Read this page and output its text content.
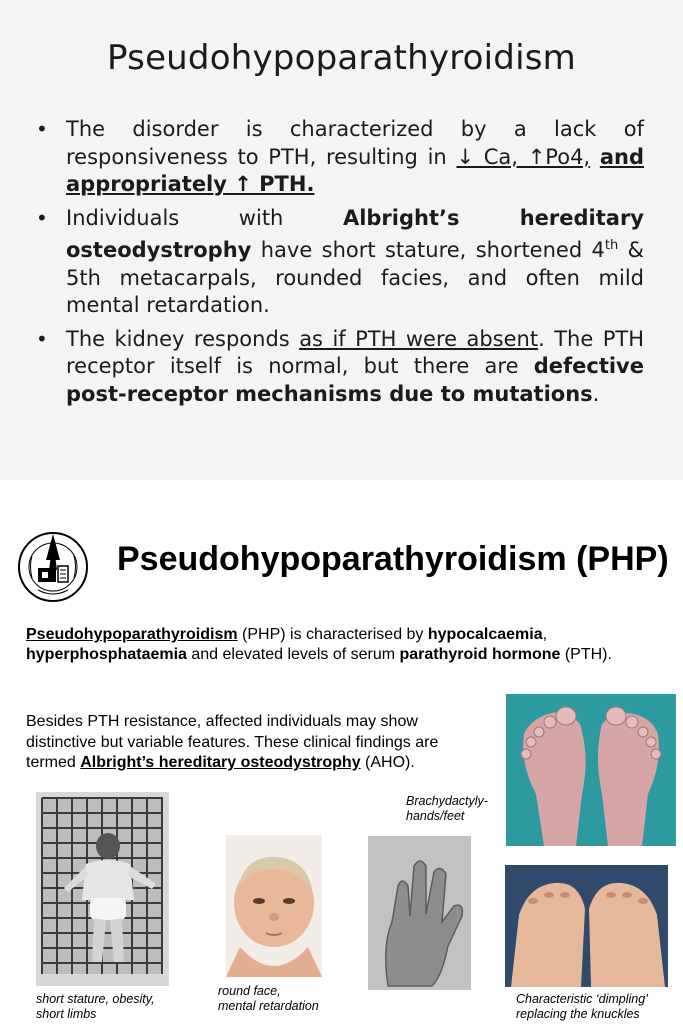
Pseudohypoparathyroidism
• The disorder is characterized by a lack of responsiveness to PTH, resulting in ↓ Ca, ↑Po4, and appropriately ↑ PTH.
• Individuals with Albright’s hereditary osteodystrophy have short stature, shortened 4th & 5th metacarpals, rounded facies, and often mild mental retardation.
• The kidney responds as if PTH were absent. The PTH receptor itself is normal, but there are defective post-receptor mechanisms due to mutations.
Pseudohypoparathyroidism (PHP)
Pseudohypoparathyroidism (PHP) is characterised by hypocalcaemia, hyperphosphataemia and elevated levels of serum parathyroid hormone (PTH).
Besides PTH resistance, affected individuals may show distinctive but variable features. These clinical findings are termed Albright’s hereditary osteodystrophy (AHO).
Brachydactyly-
hands/feet
short stature, obesity,
short limbs
round face,
mental retardation	Characteristic ‘dimpling’
replacing the knuckles
